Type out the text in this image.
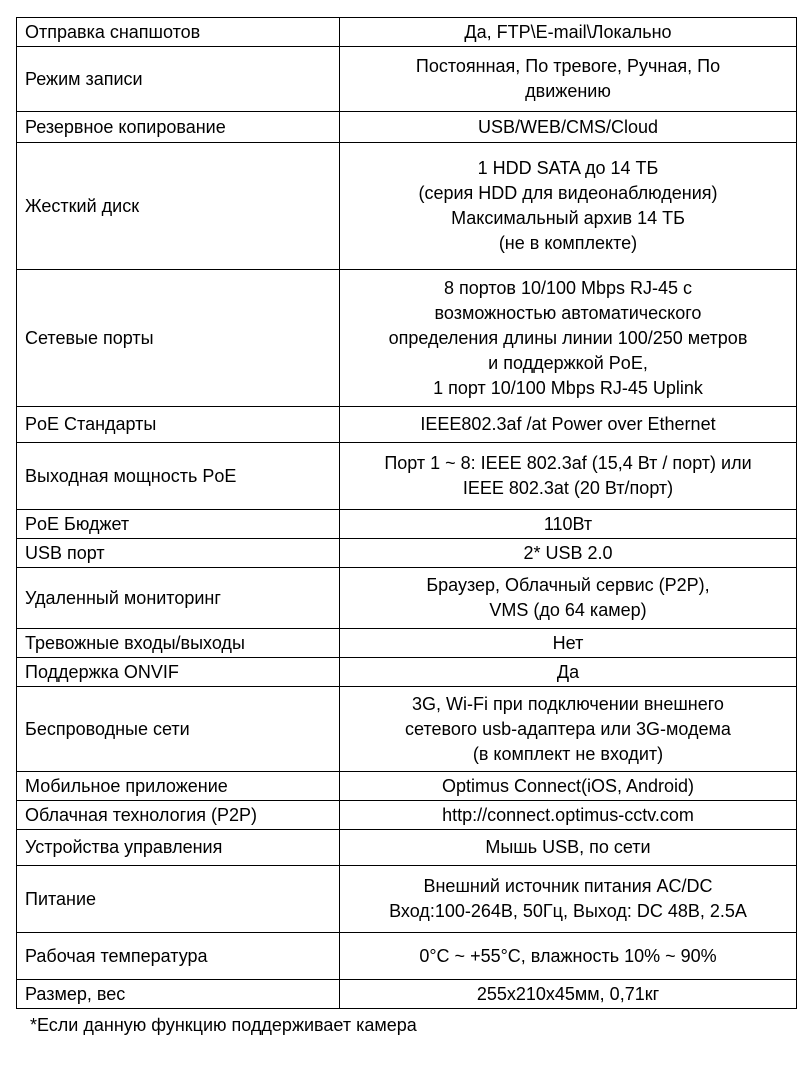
Отправка снапшотов	Да, FTP\E-mail\Локально

Режим записи	Постоянная, По тревоге, Ручная, По
движению

Резервное копирование	USB/WEB/CMS/Cloud

Жесткий диск	1 HDD SATA до 14 ТБ
(серия HDD для видеонаблюдения)
Максимальный архив 14 ТБ
(не в комплекте)

Сетевые порты	8 портов 10/100 Mbps RJ-45 с
возможностью автоматического
определения длины линии 100/250 метров
и поддержкой PoE,
1 порт 10/100 Mbps RJ-45 Uplink

PoE Стандарты	IEEE802.3af /at Power over Ethernet

Выходная мощность PoE	Порт 1 ~ 8: IEEE 802.3af (15,4 Вт / порт) или
IEEE 802.3at (20 Вт/порт)

PoE Бюджет	110Вт

USB порт	2* USB 2.0

Удаленный мониторинг	Браузер, Облачный сервис (P2P),
VMS (до 64 камер)

Тревожные входы/выходы	Нет

Поддержка ONVIF	Да

Беспроводные сети	3G, Wi-Fi при подключении внешнего
сетевого usb-адаптера или 3G-модема
(в комплект не входит)

Мобильное приложение	Optimus Connect(iOS, Android)

Облачная технология (P2P)	http://connect.optimus-cctv.com

Устройства управления	Мышь USB, по сети

Питание	Внешний источник питания AC/DC
Вход:100-264В, 50Гц, Выход: DC 48В, 2.5А

Рабочая температура	0°C ~ +55°C, влажность 10% ~ 90%

Размер, вес	255x210x45мм, 0,71кг
*Если данную функцию поддерживает камера
